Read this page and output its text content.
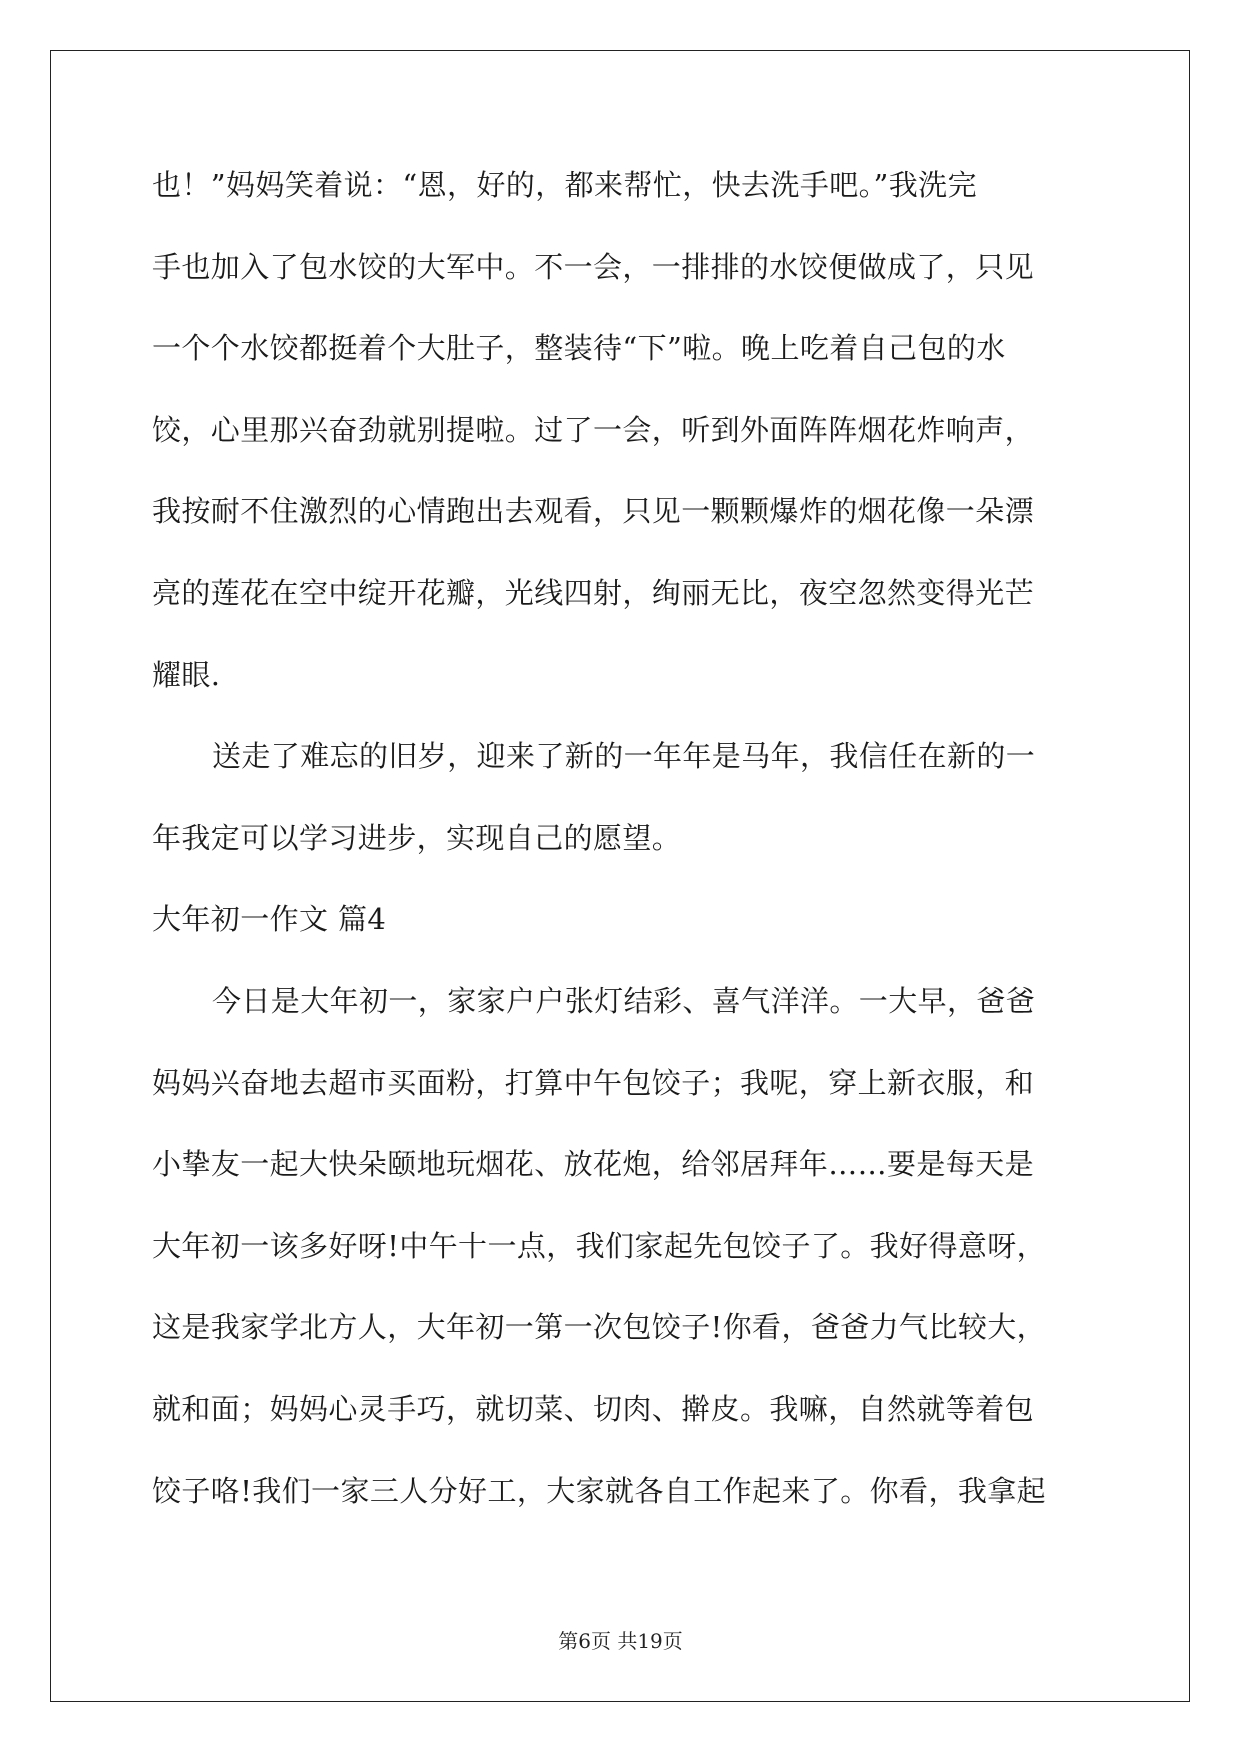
也！”妈妈笑着说：“恩，好的，都来帮忙，快去洗手吧。”我洗完
手也加入了包水饺的大军中。不一会，一排排的水饺便做成了，只见
一个个水饺都挺着个大肚子，整装待“下”啦。晚上吃着自己包的水
饺，心里那兴奋劲就别提啦。过了一会，听到外面阵阵烟花炸响声，
我按耐不住激烈的心情跑出去观看，只见一颗颗爆炸的烟花像一朵漂
亮的莲花在空中绽开花瓣，光线四射，绚丽无比，夜空忽然变得光芒
耀眼.
送走了难忘的旧岁，迎来了新的一年年是马年，我信任在新的一
年我定可以学习进步，实现自己的愿望。
大年初一作文 篇4
今日是大年初一，家家户户张灯结彩、喜气洋洋。一大早，爸爸
妈妈兴奋地去超市买面粉，打算中午包饺子；我呢，穿上新衣服，和
小挚友一起大快朵颐地玩烟花、放花炮，给邻居拜年……要是每天是
大年初一该多好呀!中午十一点，我们家起先包饺子了。我好得意呀，
这是我家学北方人，大年初一第一次包饺子!你看，爸爸力气比较大，
就和面；妈妈心灵手巧，就切菜、切肉、擀皮。我嘛，自然就等着包
饺子咯!我们一家三人分好工，大家就各自工作起来了。你看，我拿起
第6页 共19页
